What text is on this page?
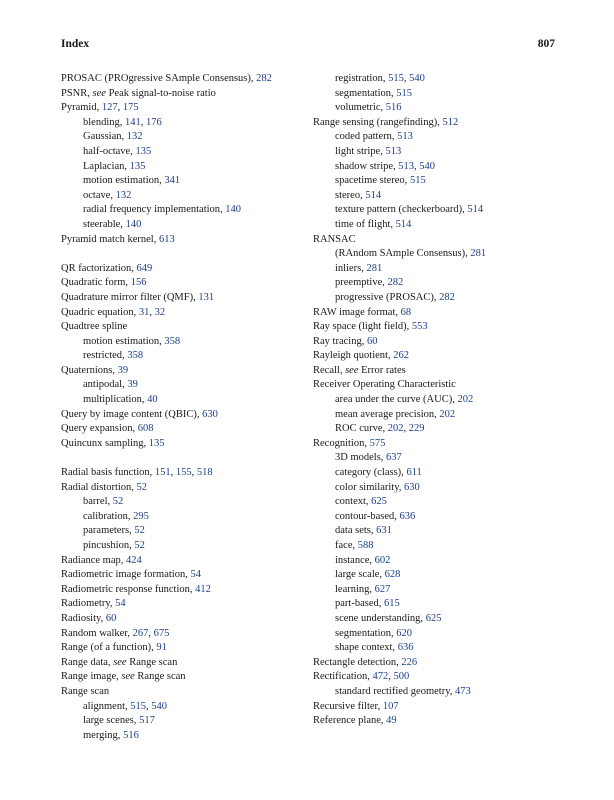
Index	807
PROSAC (PROgressive SAmple Consensus), 282
PSNR, see Peak signal-to-noise ratio
Pyramid, 127, 175
blending, 141, 176
Gaussian, 132
half-octave, 135
Laplacian, 135
motion estimation, 341
octave, 132
radial frequency implementation, 140
steerable, 140
Pyramid match kernel, 613
QR factorization, 649
Quadratic form, 156
Quadrature mirror filter (QMF), 131
Quadric equation, 31, 32
Quadtree spline
motion estimation, 358
restricted, 358
Quaternions, 39
antipodal, 39
multiplication, 40
Query by image content (QBIC), 630
Query expansion, 608
Quincunx sampling, 135
Radial basis function, 151, 155, 518
Radial distortion, 52
barrel, 52
calibration, 295
parameters, 52
pincushion, 52
Radiance map, 424
Radiometric image formation, 54
Radiometric response function, 412
Radiometry, 54
Radiosity, 60
Random walker, 267, 675
Range (of a function), 91
Range data, see Range scan
Range image, see Range scan
Range scan
alignment, 515, 540
large scenes, 517
merging, 516
registration, 515, 540
segmentation, 515
volumetric, 516
Range sensing (rangefinding), 512
coded pattern, 513
light stripe, 513
shadow stripe, 513, 540
spacetime stereo, 515
stereo, 514
texture pattern (checkerboard), 514
time of flight, 514
RANSAC
(RAndom SAmple Consensus), 281
inliers, 281
preemptive, 282
progressive (PROSAC), 282
RAW image format, 68
Ray space (light field), 553
Ray tracing, 60
Rayleigh quotient, 262
Recall, see Error rates
Receiver Operating Characteristic
area under the curve (AUC), 202
mean average precision, 202
ROC curve, 202, 229
Recognition, 575
3D models, 637
category (class), 611
color similarity, 630
context, 625
contour-based, 636
data sets, 631
face, 588
instance, 602
large scale, 628
learning, 627
part-based, 615
scene understanding, 625
segmentation, 620
shape context, 636
Rectangle detection, 226
Rectification, 472, 500
standard rectified geometry, 473
Recursive filter, 107
Reference plane, 49
